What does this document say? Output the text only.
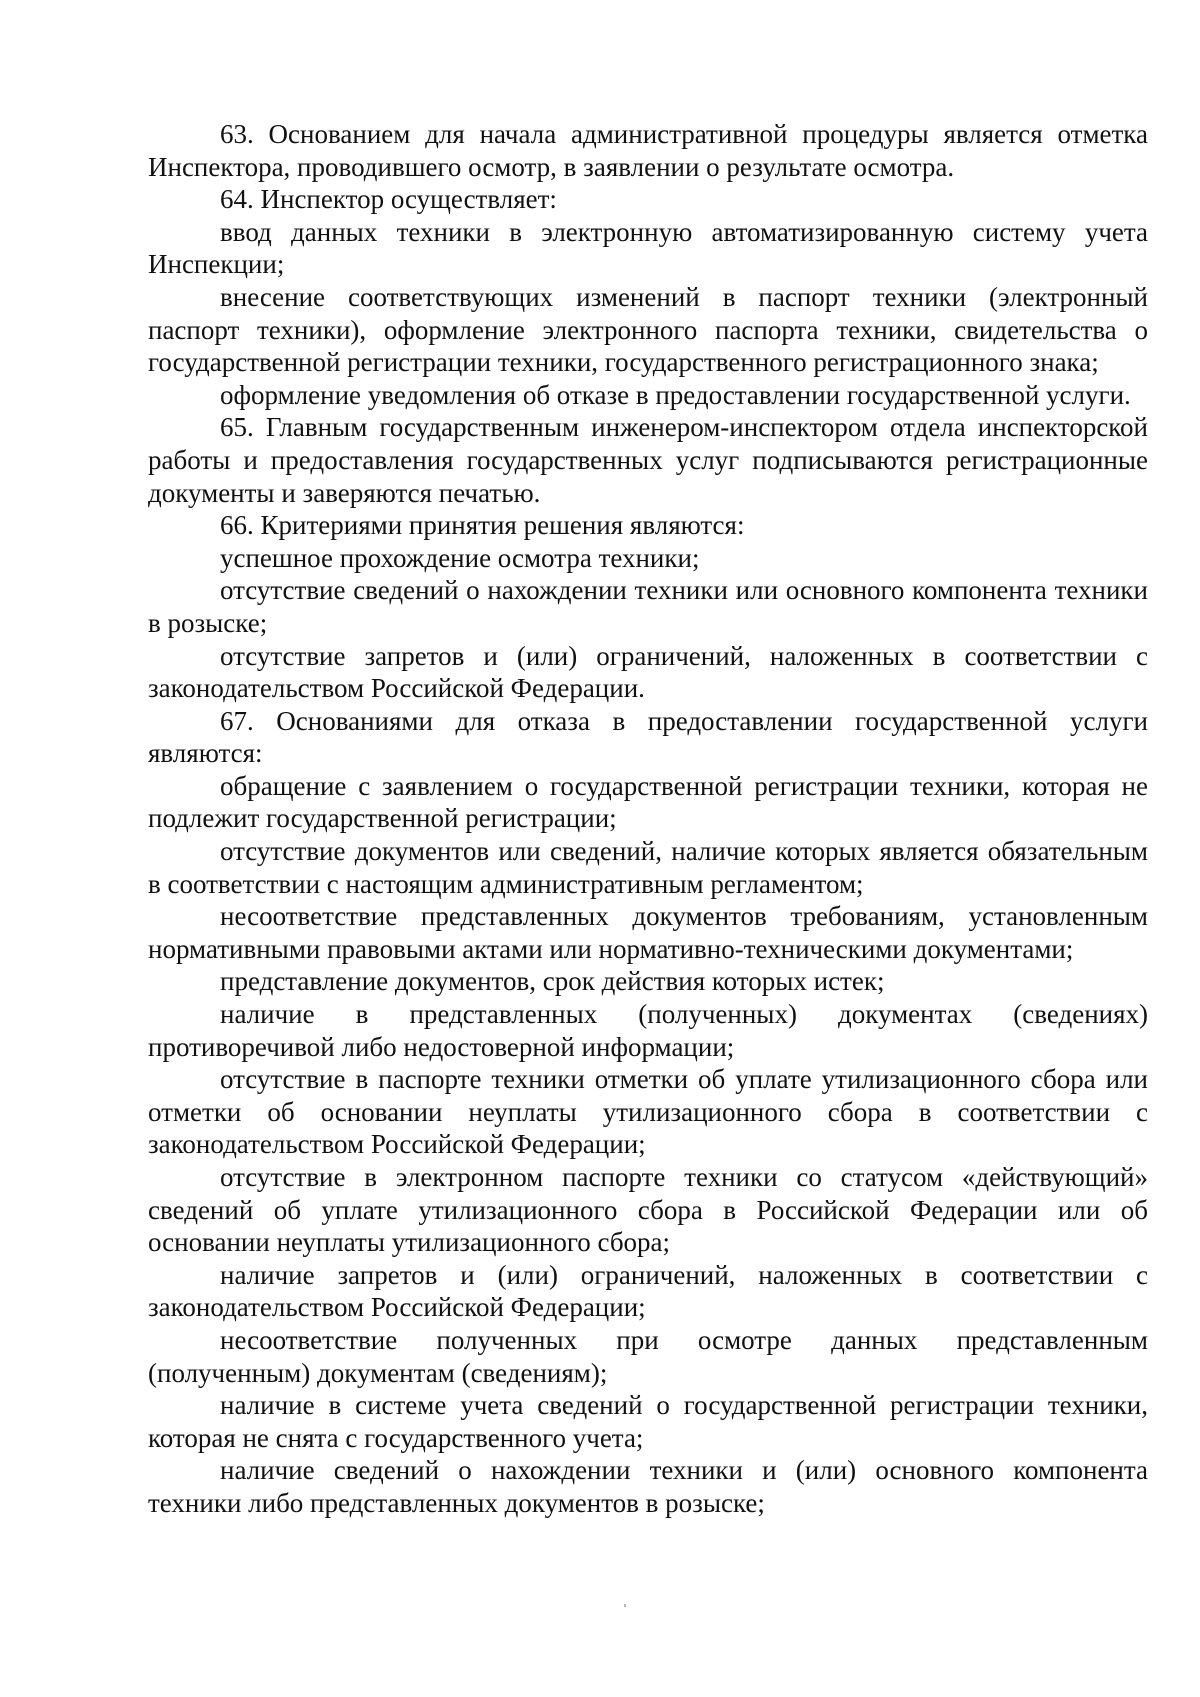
63. Основанием для начала административной процедуры является отметка Инспектора, проводившего осмотр, в заявлении о результате осмотра.

64. Инспектор осуществляет:

ввод данных техники в электронную автоматизированную систему учета Инспекции;

внесение соответствующих изменений в паспорт техники (электронный паспорт техники), оформление электронного паспорта техники, свидетельства о государственной регистрации техники, государственного регистрационного знака;

оформление уведомления об отказе в предоставлении государственной услуги.

65. Главным государственным инженером-инспектором отдела инспекторской работы и предоставления государственных услуг подписываются регистрационные документы и заверяются печатью.

66. Критериями принятия решения являются:

успешное прохождение осмотра техники;

отсутствие сведений о нахождении техники или основного компонента техники в розыске;

отсутствие запретов и (или) ограничений, наложенных в соответствии с законодательством Российской Федерации.

67. Основаниями для отказа в предоставлении государственной услуги являются:

обращение с заявлением о государственной регистрации техники, которая не подлежит государственной регистрации;

отсутствие документов или сведений, наличие которых является обязательным в соответствии с настоящим административным регламентом;

несоответствие представленных документов требованиям, установленным нормативными правовыми актами или нормативно-техническими документами;

представление документов, срок действия которых истек;

наличие в представленных (полученных) документах (сведениях) противоречивой либо недостоверной информации;

отсутствие в паспорте техники отметки об уплате утилизационного сбора или отметки об основании неуплаты утилизационного сбора в соответствии с законодательством Российской Федерации;

отсутствие в электронном паспорте техники со статусом «действующий» сведений об уплате утилизационного сбора в Российской Федерации или об основании неуплаты утилизационного сбора;

наличие запретов и (или) ограничений, наложенных в соответствии с законодательством Российской Федерации;

несоответствие полученных при осмотре данных представленным (полученным) документам (сведениям);

наличие в системе учета сведений о государственной регистрации техники, которая не снята с государственного учета;

наличие сведений о нахождении техники и (или) основного компонента техники либо представленных документов в розыске;
